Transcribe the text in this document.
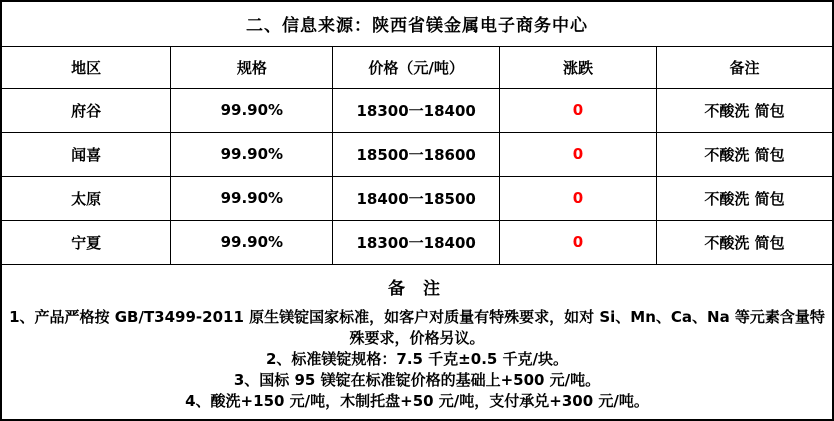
二、信息来源：陕西省镁金属电子商务中心				
地区	规格	价格（元/吨）	涨跌	备注
府谷	99.90%	18300一18400	0	不酸洗 简包
闻喜	99.90%	18500一18600	0	不酸洗 简包
太原	99.90%	18400一18500	0	不酸洗 简包
宁夏	99.90%	18300一18400	0	不酸洗 简包

备 注

1、产品严格按 GB/T3499-2011 原生镁锭国家标准，如客户对质量有特殊要求，如对 Si、Mn、Ca、Na 等元素含量特殊要求，价格另议。

2、标准镁锭规格：7.5 千克±0.5 千克/块。

3、国标 95 镁锭在标准锭价格的基础上+500 元/吨。

4、酸洗+150 元/吨，木制托盘+50 元/吨，支付承兑+300 元/吨。				
